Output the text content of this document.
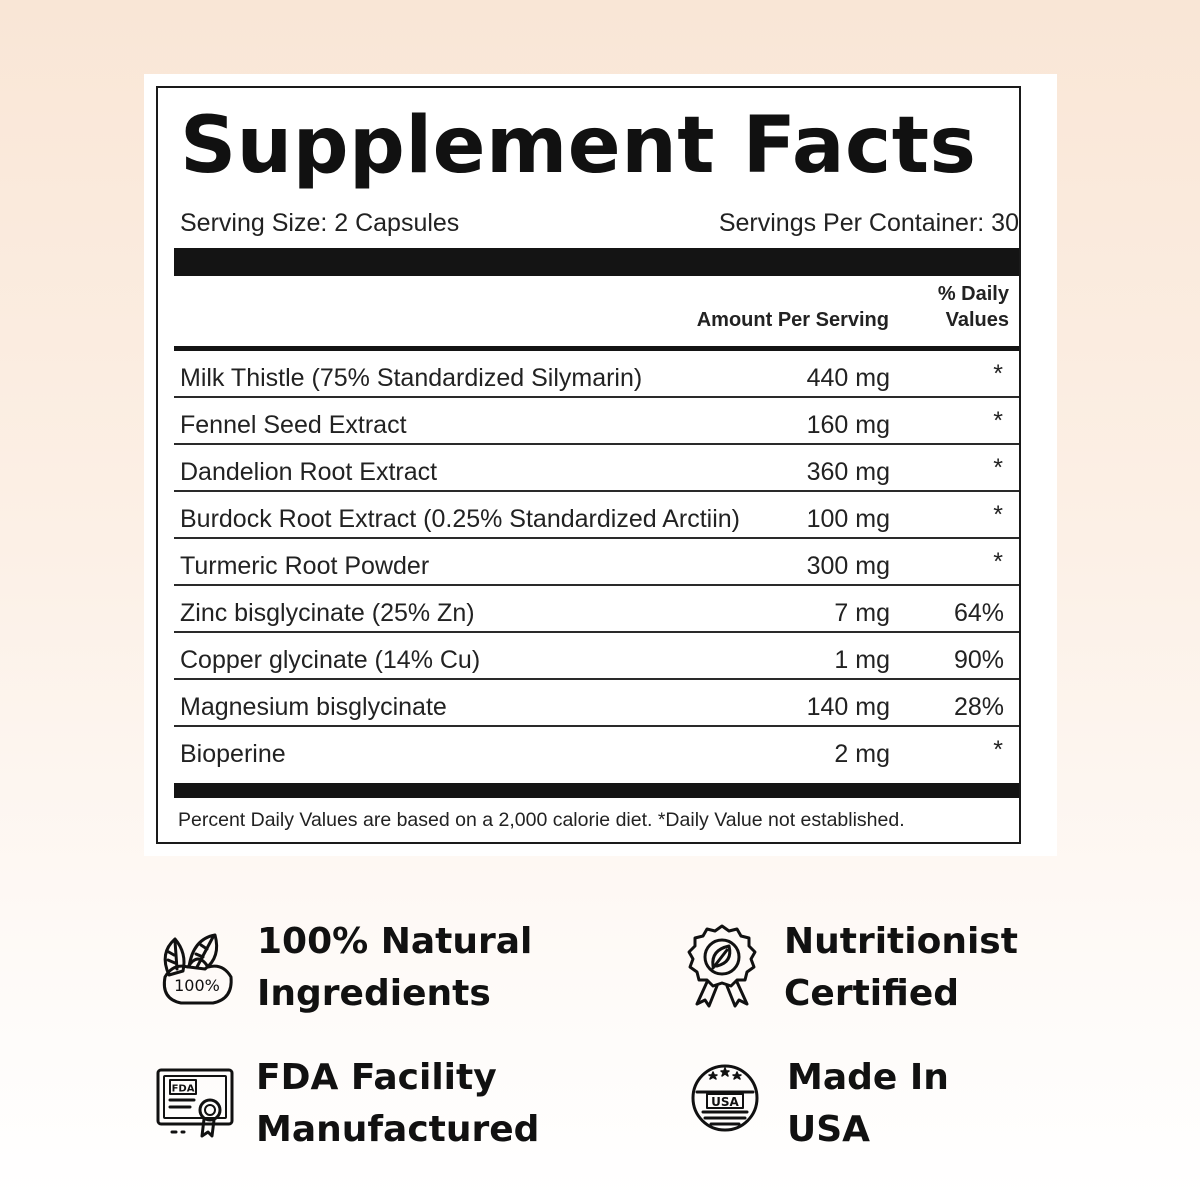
Supplement Facts
Serving Size: 2 Capsules	Servings Per Container: 30
Amount Per Serving
% Daily
Values
Milk Thistle (75% Standardized Silymarin)	440 mg	*
Fennel Seed Extract	160 mg	*
Dandelion Root Extract	360 mg	*
Burdock Root Extract (0.25% Standardized Arctiin)	100 mg	*
Turmeric Root Powder	300 mg	*
Zinc bisglycinate (25% Zn)	7 mg	64%
Copper glycinate (14% Cu)	1 mg	90%
Magnesium bisglycinate	140 mg	28%
Bioperine	2 mg	*
Percent Daily Values are based on a 2,000 calorie diet. *Daily Value not established.
100%
100% Natural
Ingredients
Nutritionist
Certified
FDA FDA Facility
Manufactured
USA
Made In
USA
